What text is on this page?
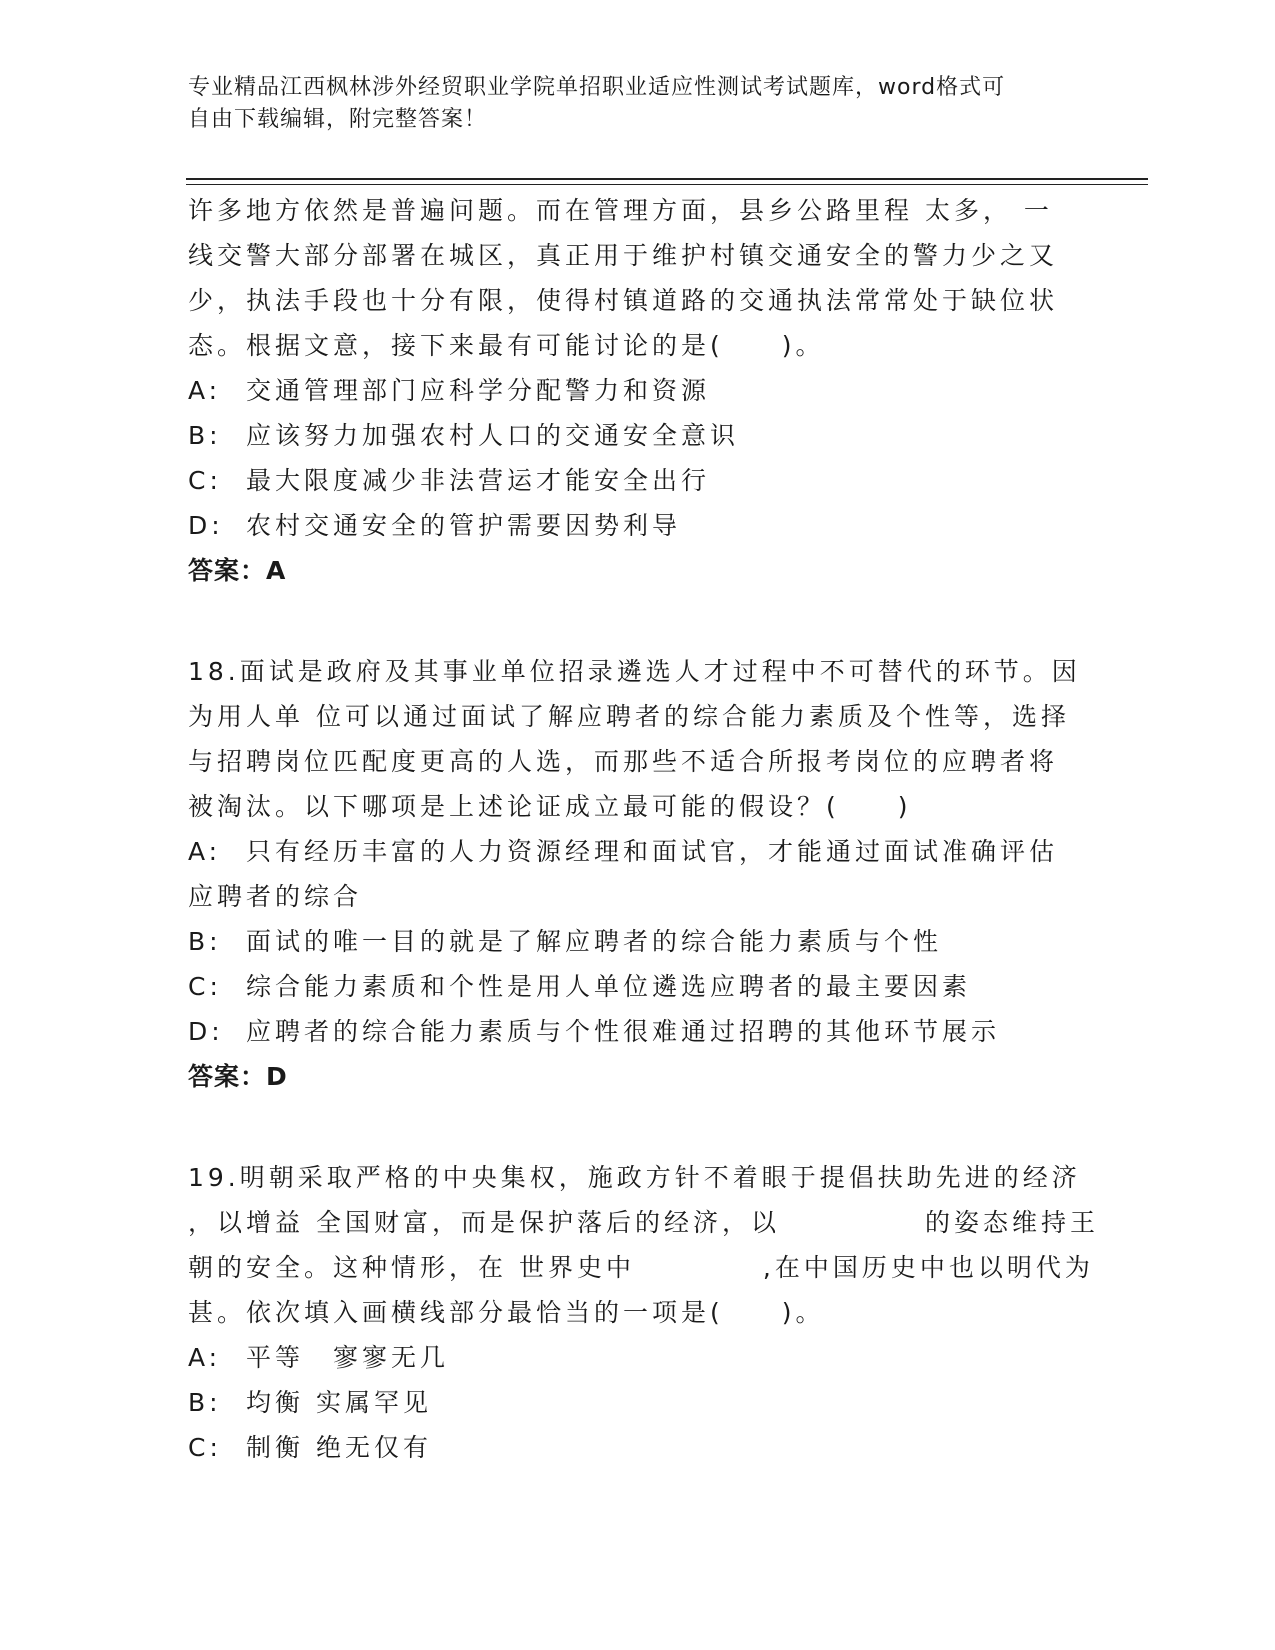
专业精品江西枫林涉外经贸职业学院单招职业适应性测试考试题库，word格式可
自由下载编辑，附完整答案！
许多地方依然是普遍问题。而在管理方面，县乡公路里程 太多， 一
线交警大部分部署在城区，真正用于维护村镇交通安全的警力少之又
少，执法手段也十分有限，使得村镇道路的交通执法常常处于缺位状
态。根据文意，接下来最有可能讨论的是(　　)。
A: 交通管理部门应科学分配警力和资源
B: 应该努力加强农村人口的交通安全意识
C: 最大限度减少非法营运才能安全出行
D: 农村交通安全的管护需要因势利导
答案：A
18.面试是政府及其事业单位招录遴选人才过程中不可替代的环节。因
为用人单 位可以通过面试了解应聘者的综合能力素质及个性等，选择
与招聘岗位匹配度更高的人选，而那些不适合所报考岗位的应聘者将
被淘汰。以下哪项是上述论证成立最可能的假设？(　　)
A: 只有经历丰富的人力资源经理和面试官，才能通过面试准确评估
应聘者的综合
B: 面试的唯一目的就是了解应聘者的综合能力素质与个性
C: 综合能力素质和个性是用人单位遴选应聘者的最主要因素
D: 应聘者的综合能力素质与个性很难通过招聘的其他环节展示
答案：D
19.明朝采取严格的中央集权，施政方针不着眼于提倡扶助先进的经济
，以增益 全国财富，而是保护落后的经济，以　　　　　的姿态维持王
朝的安全。这种情形，在 世界史中　　　　 ,在中国历史中也以明代为
甚。依次填入画横线部分最恰当的一项是(　　)。
A: 平等　寥寥无几
B: 均衡 实属罕见
C: 制衡 绝无仅有
